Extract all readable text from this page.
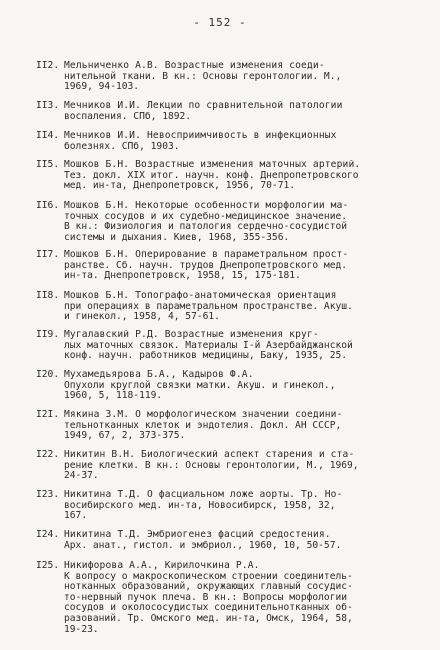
- 152 -
II2. Мельниченко А.В. Возрастные изменения соеди-
нительной ткани. В кн.: Основы геронтологии. М.,
1969, 94-103.
II3. Мечников И.И. Лекции по сравнительной патологии
воспаления. СПб, 1892.
II4. Мечников И.И. Невосприимчивость в инфекционных
болезнях. СПб, 1903.
II5. Мошков Б.Н. Возрастные изменения маточных артерий.
Тез. докл. XIX итог. научн. конф. Днепропетровского
мед. ин-та, Днепропетровск, 1956, 70-71.
II6. Мошков Б.Н. Некоторые особенности морфологии ма-
точных сосудов и их судебно-медицинское значение.
В кн.: Физиология и патология сердечно-сосудистой
системы и дыхания. Киев, 1968, 355-356.
II7. Мошков Б.Н. Оперирование в параметральном прост-
ранстве. Сб. научн. трудов Днепропетровского мед.
ин-та. Днепропетровск, 1958, 15, 175-181.
II8. Мошков Б.Н. Топографо-анатомическая ориентация
при операциях в параметральном пространстве. Акуш.
и гинекол., 1958, 4, 57-61.
II9. Мугалавский Р.Д. Возрастные изменения круг-
лых маточных связок. Материалы I-й Азербайджанской
конф. научн. работников медицины, Баку, 1935, 25.
I20. Мухамедьярова Б.А., Кадыров Ф.А.
Опухоли круглой связки матки. Акуш. и гинекол.,
1960, 5, 118-119.
I2I. Мякина З.М. О морфологическом значении соедини-
тельнотканных клеток и эндотелия. Докл. АН СССР,
1949, 67, 2, 373-375.
I22. Никитин В.Н. Биологический аспект старения и ста-
рение клетки. В кн.: Основы геронтологии, М., 1969,
24-37.
I23. Никитина Т.Д. О фасциальном ложе аорты. Тр. Но-
восибирского мед. ин-та, Новосибирск, 1958, 32,
167.
I24. Никитина Т.Д. Эмбриогенез фасций средостения.
Арх. анат., гистол. и эмбриол., 1960, 10, 50-57.
I25. Никифорова А.А., Кирилочкина Р.А.
К вопросу о макроскопическом строении соединитель-
нотканных образований, окружающих главный сосудис-
то-нервный пучок плеча. В кн.: Вопросы морфологии
сосудов и околососудистых соединительнотканных об-
разований. Тр. Омского мед. ин-та, Омск, 1964, 58,
19-23.
